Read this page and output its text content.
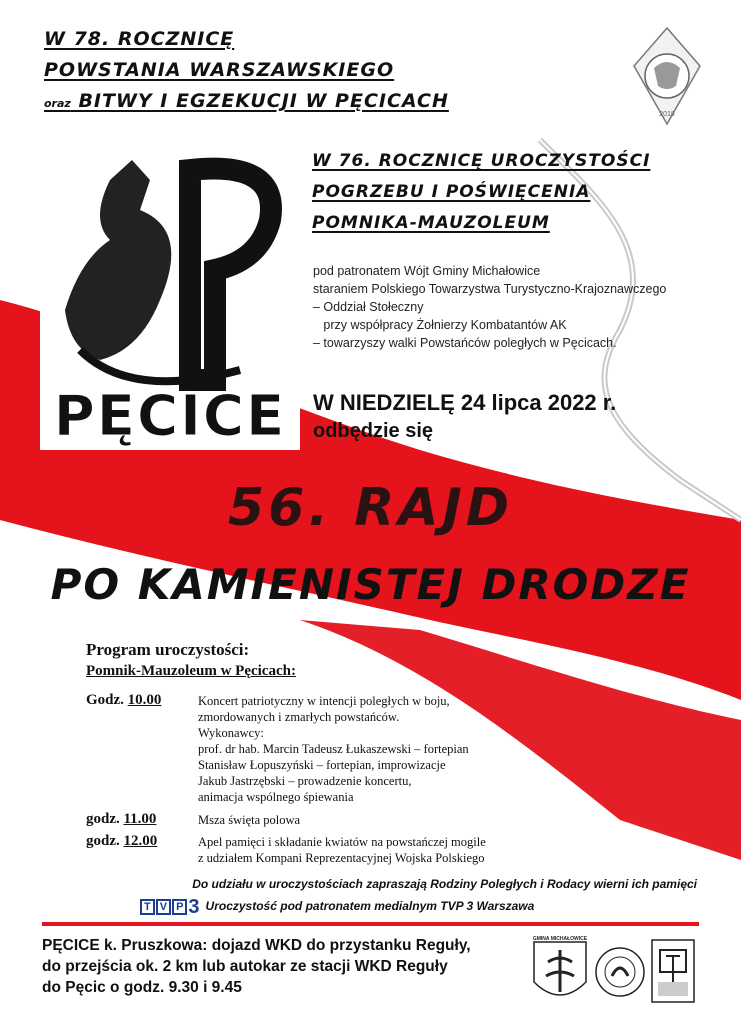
W 78. ROCZNICĘ
POWSTANIA WARSZAWSKIEGO
oraz BITWY I EGZEKUCJI W PĘCICACH
2018
W 76. ROCZNICĘ UROCZYSTOŚCI
POGRZEBU I POŚWIĘCENIA
POMNIKA-MAUZOLEUM
PĘCICE
pod patronatem Wójt Gminy Michałowice
staraniem Polskiego Towarzystwa Turystyczno-Krajoznawczego
– Oddział Stołeczny
przy współpracy Żołnierzy Kombatantów AK
– towarzyszy walki Powstańców poległych w Pęcicach.
W NIEDZIELĘ 24 lipca 2022 r.
odbędzie się
56. RAJD
PO KAMIENISTEJ DRODZE
Program uroczystości:
Pomnik-Mauzoleum w Pęcicach:
Godz. 10.00	Koncert patriotyczny w intencji poległych w boju,
zmordowanych i zmarłych powstańców.
Wykonawcy:
prof. dr hab. Marcin Tadeusz Łukaszewski – fortepian
Stanisław Łopuszyński – fortepian, improwizacje
Jakub Jastrzębski – prowadzenie koncertu,
animacja wspólnego śpiewania
godz. 11.00	Msza święta polowa
godz. 12.00	Apel pamięci i składanie kwiatów na powstańczej mogile
z udziałem Kompani Reprezentacyjnej Wojska Polskiego
Do udziału w uroczystościach zapraszają Rodziny Poległych i Rodacy wierni ich pamięci
T V P 3 Uroczystość pod patronatem medialnym TVP 3 Warszawa
PĘCICE k. Pruszkowa: dojazd WKD do przystanku Reguły,
do przejścia ok. 2 km lub autokar ze stacji WKD Reguły
do Pęcic o godz. 9.30 i 9.45
GMINA MICHAŁOWICE
